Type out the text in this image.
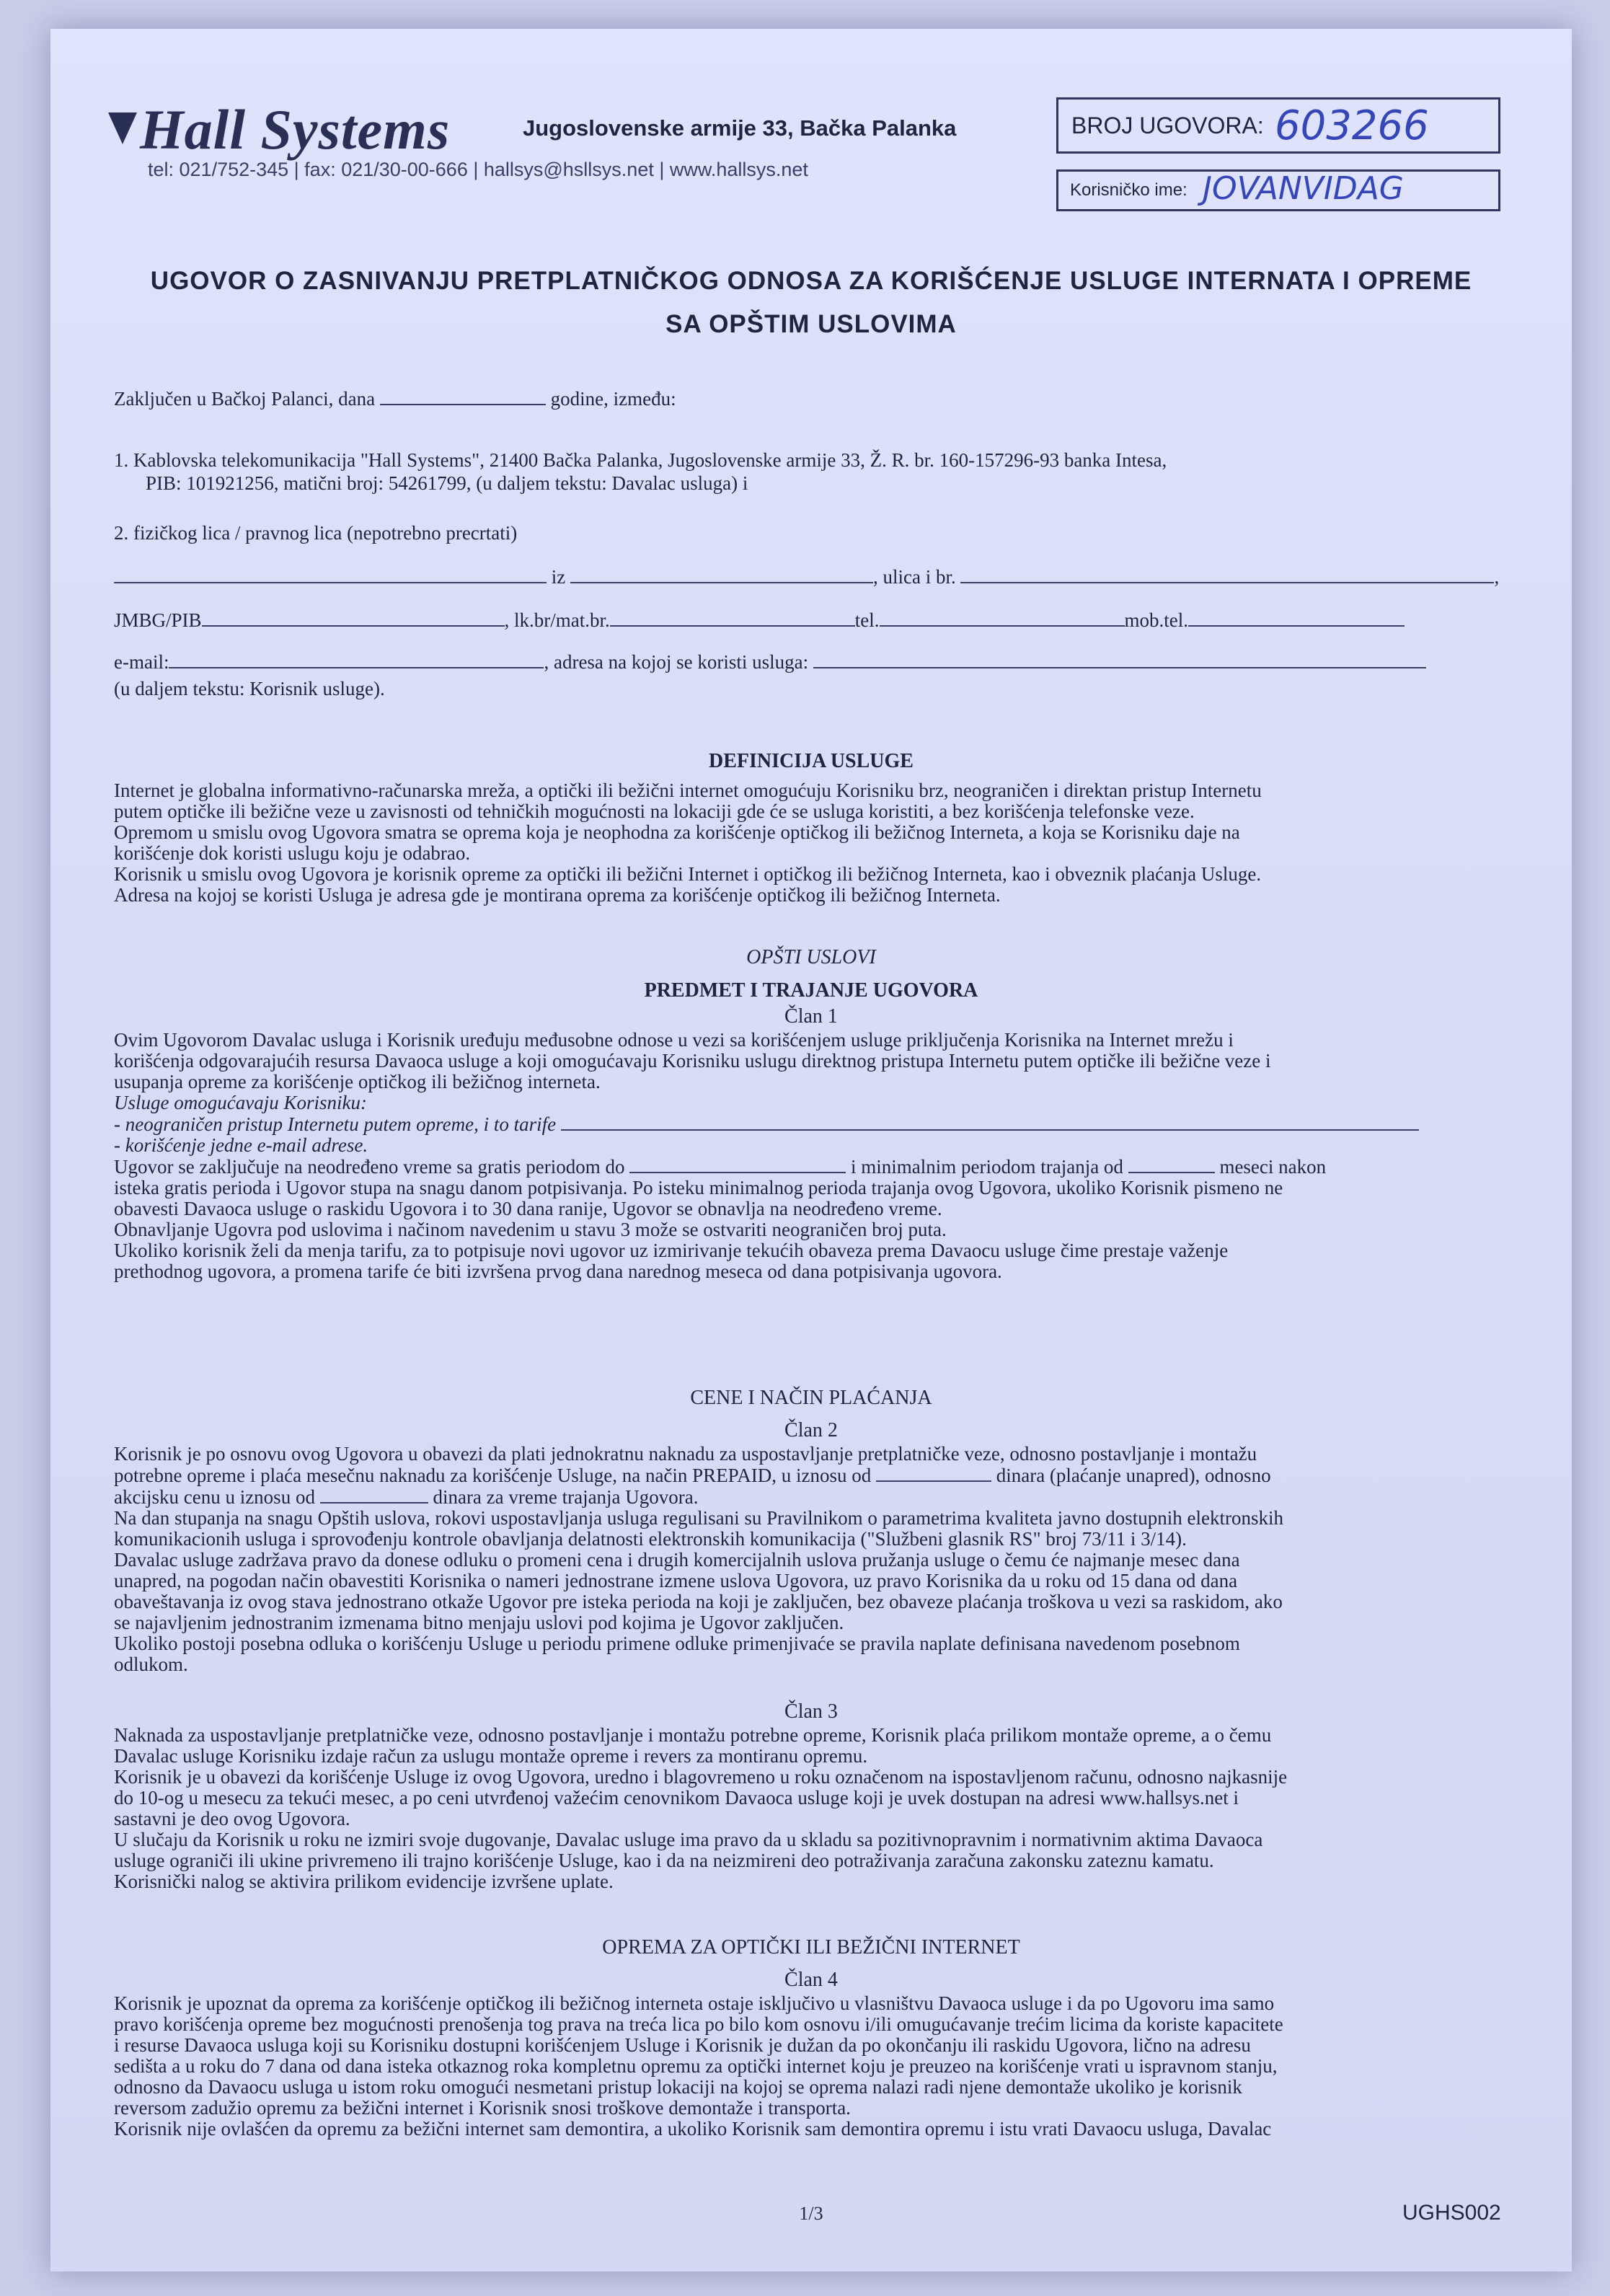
Hall Systems	Jugoslovenske armije 33, Bačka Palanka
tel: 021/752-345 | fax: 021/30-00-666 | hallsys@hsllsys.net | www.hallsys.net
BROJ UGOVORA: 603266
Korisničko ime: JOVANVIDAG
UGOVOR O ZASNIVANJU PRETPLATNIČKOG ODNOSA ZA KORIŠĆENJE USLUGE INTERNATA I OPREME
SA OPŠTIM USLOVIMA
Zaključen u Bačkoj Palanci, dana	godine, između:
1. Kablovska telekomunikacija "Hall Systems", 21400 Bačka Palanka, Jugoslovenske armije 33, Ž. R. br. 160-157296-93 banka Intesa,
PIB: 101921256, matični broj: 54261799, (u daljem tekstu: Davalac usluga) i
2. fizičkog lica / pravnog lica (nepotrebno precrtati)
iz	, ulica i br.	,
JMBG/PIB	, lk.br/mat.br.	tel.	mob.tel.
e-mail:	, adresa na kojoj se koristi usluga:
(u daljem tekstu: Korisnik usluge).
DEFINICIJA USLUGE
Internet je globalna informativno-računarska mreža, a optički ili bežični internet omogućuju Korisniku brz, neograničen i direktan pristup Internetu
putem optičke ili bežične veze u zavisnosti od tehničkih mogućnosti na lokaciji gde će se usluga koristiti, a bez korišćenja telefonske veze.
Opremom u smislu ovog Ugovora smatra se oprema koja je neophodna za korišćenje optičkog ili bežičnog Interneta, a koja se Korisniku daje na
korišćenje dok koristi uslugu koju je odabrao.
Korisnik u smislu ovog Ugovora je korisnik opreme za optički ili bežični Internet i optičkog ili bežičnog Interneta, kao i obveznik plaćanja Usluge.
Adresa na kojoj se koristi Usluga je adresa gde je montirana oprema za korišćenje optičkog ili bežičnog Interneta.
OPŠTI USLOVI
PREDMET I TRAJANJE UGOVORA
Član 1
Ovim Ugovorom Davalac usluga i Korisnik uređuju međusobne odnose u vezi sa korišćenjem usluge priključenja Korisnika na Internet mrežu i
korišćenja odgovarajućih resursa Davaoca usluge a koji omogućavaju Korisniku uslugu direktnog pristupa Internetu putem optičke ili bežične veze i
usupanja opreme za korišćenje optičkog ili bežičnog interneta.
Usluge omogućavaju Korisniku:
- neograničen pristup Internetu putem opreme, i to tarife
- korišćenje jedne e-mail adrese.
Ugovor se zaključuje na neodređeno vreme sa gratis periodom do	i minimalnim periodom trajanja od	meseci nakon
isteka gratis perioda i Ugovor stupa na snagu danom potpisivanja. Po isteku minimalnog perioda trajanja ovog Ugovora, ukoliko Korisnik pismeno ne
obavesti Davaoca usluge o raskidu Ugovora i to 30 dana ranije, Ugovor se obnavlja na neodređeno vreme.
Obnavljanje Ugovra pod uslovima i načinom navedenim u stavu 3 može se ostvariti neograničen broj puta.
Ukoliko korisnik želi da menja tarifu, za to potpisuje novi ugovor uz izmirivanje tekućih obaveza prema Davaocu usluge čime prestaje važenje
prethodnog ugovora, a promena tarife će biti izvršena prvog dana narednog meseca od dana potpisivanja ugovora.
CENE I NAČIN PLAĆANJA
Član 2
Korisnik je po osnovu ovog Ugovora u obavezi da plati jednokratnu naknadu za uspostavljanje pretplatničke veze, odnosno postavljanje i montažu
potrebne opreme i plaća mesečnu naknadu za korišćenje Usluge, na način PREPAID, u iznosu od	dinara (plaćanje unapred), odnosno
akcijsku cenu u iznosu od	dinara za vreme trajanja Ugovora.
Na dan stupanja na snagu Opštih uslova, rokovi uspostavljanja usluga regulisani su Pravilnikom o parametrima kvaliteta javno dostupnih elektronskih
komunikacionih usluga i sprovođenju kontrole obavljanja delatnosti elektronskih komunikacija ("Službeni glasnik RS" broj 73/11 i 3/14).
Davalac usluge zadržava pravo da donese odluku o promeni cena i drugih komercijalnih uslova pružanja usluge o čemu će najmanje mesec dana
unapred, na pogodan način obavestiti Korisnika o nameri jednostrane izmene uslova Ugovora, uz pravo Korisnika da u roku od 15 dana od dana
obaveštavanja iz ovog stava jednostrano otkaže Ugovor pre isteka perioda na koji je zaključen, bez obaveze plaćanja troškova u vezi sa raskidom, ako
se najavljenim jednostranim izmenama bitno menjaju uslovi pod kojima je Ugovor zaključen.
Ukoliko postoji posebna odluka o korišćenju Usluge u periodu primene odluke primenjivaće se pravila naplate definisana navedenom posebnom
odlukom.
Član 3
Naknada za uspostavljanje pretplatničke veze, odnosno postavljanje i montažu potrebne opreme, Korisnik plaća prilikom montaže opreme, a o čemu
Davalac usluge Korisniku izdaje račun za uslugu montaže opreme i revers za montiranu opremu.
Korisnik je u obavezi da korišćenje Usluge iz ovog Ugovora, uredno i blagovremeno u roku označenom na ispostavljenom računu, odnosno najkasnije
do 10-og u mesecu za tekući mesec, a po ceni utvrđenoj važećim cenovnikom Davaoca usluge koji je uvek dostupan na adresi www.hallsys.net i
sastavni je deo ovog Ugovora.
U slučaju da Korisnik u roku ne izmiri svoje dugovanje, Davalac usluge ima pravo da u skladu sa pozitivnopravnim i normativnim aktima Davaoca
usluge ograniči ili ukine privremeno ili trajno korišćenje Usluge, kao i da na neizmireni deo potraživanja zaračuna zakonsku zateznu kamatu.
Korisnički nalog se aktivira prilikom evidencije izvršene uplate.
OPREMA ZA OPTIČKI ILI BEŽIČNI INTERNET
Član 4
Korisnik je upoznat da oprema za korišćenje optičkog ili bežičnog interneta ostaje isključivo u vlasništvu Davaoca usluge i da po Ugovoru ima samo
pravo korišćenja opreme bez mogućnosti prenošenja tog prava na treća lica po bilo kom osnovu i/ili omugućavanje trećim licima da koriste kapacitete
i resurse Davaoca usluga koji su Korisniku dostupni korišćenjem Usluge i Korisnik je dužan da po okončanju ili raskidu Ugovora, lično na adresu
sedišta a u roku do 7 dana od dana isteka otkaznog roka kompletnu opremu za optički internet koju je preuzeo na korišćenje vrati u ispravnom stanju,
odnosno da Davaocu usluga u istom roku omogući nesmetani pristup lokaciji na kojoj se oprema nalazi radi njene demontaže ukoliko je korisnik
reversom zadužio opremu za bežični internet i Korisnik snosi troškove demontaže i transporta.
Korisnik nije ovlašćen da opremu za bežični internet sam demontira, a ukoliko Korisnik sam demontira opremu i istu vrati Davaocu usluga, Davalac
1/3	UGHS002
